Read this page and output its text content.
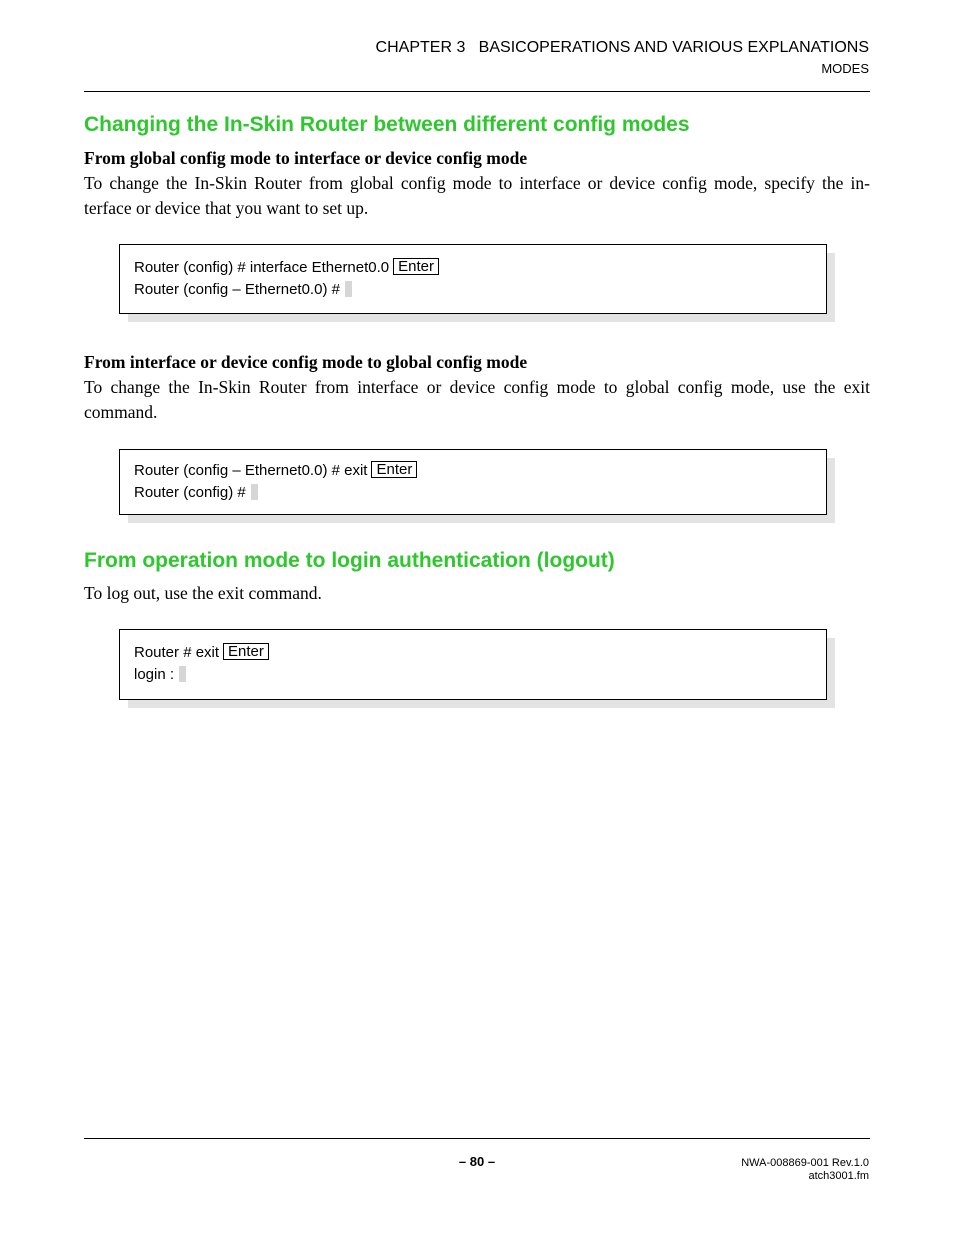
CHAPTER 3   BASICOPERATIONS AND VARIOUS EXPLANATIONS
MODES
Changing the In-Skin Router between different config modes
From global config mode to interface or device config mode

To change the In-Skin Router from global config mode to interface or device config mode, specify the in-terface or device that you want to set up.

Router (config) # interface Ethernet0.0 Enter
Router (config – Ethernet0.0) #
From interface or device config mode to global config mode

To change the In-Skin Router from interface or device config mode to global config mode, use the exit command.

Router (config – Ethernet0.0) # exit Enter
Router (config) #
From operation mode to login authentication (logout)

To log out, use the exit command.

Router # exit Enter
login :
– 80 –	NWA-008869-001 Rev.1.0
atch3001.fm
